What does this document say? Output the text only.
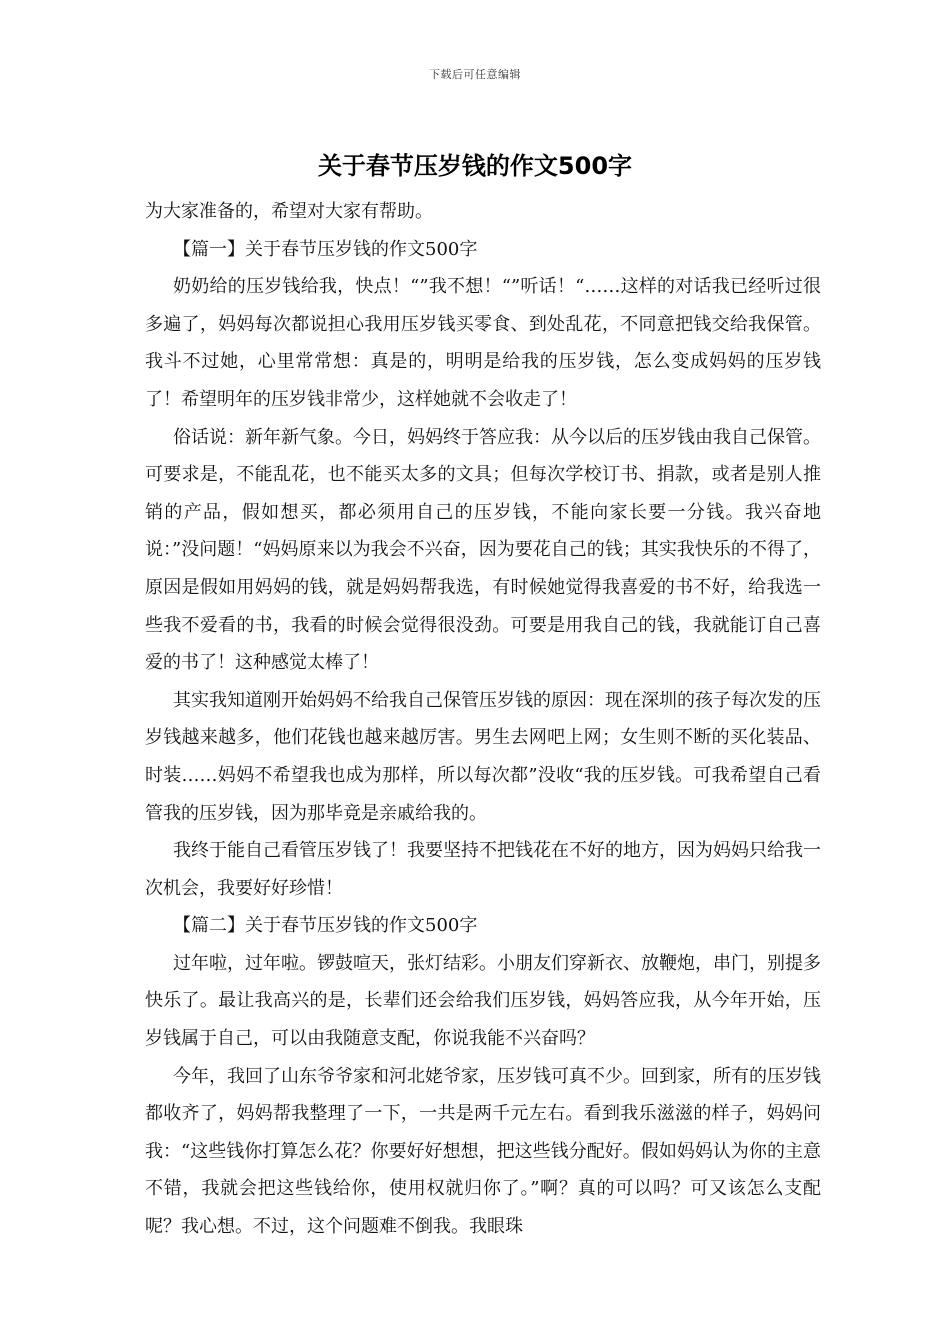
下载后可任意编辑
关于春节压岁钱的作文500字

为大家准备的，希望对大家有帮助。

【篇一】关于春节压岁钱的作文500字

奶奶给的压岁钱给我，快点！“”我不想！“”听话！“……这样的对话我已经听过很多遍了，妈妈每次都说担心我用压岁钱买零食、到处乱花，不同意把钱交给我保管。我斗不过她，心里常常想：真是的，明明是给我的压岁钱，怎么变成妈妈的压岁钱了！希望明年的压岁钱非常少，这样她就不会收走了！

俗话说：新年新气象。今日，妈妈终于答应我：从今以后的压岁钱由我自己保管。可要求是，不能乱花，也不能买太多的文具；但每次学校订书、捐款，或者是别人推销的产品，假如想买，都必须用自己的压岁钱，不能向家长要一分钱。我兴奋地说：”没问题！“妈妈原来以为我会不兴奋，因为要花自己的钱；其实我快乐的不得了，原因是假如用妈妈的钱，就是妈妈帮我选，有时候她觉得我喜爱的书不好，给我选一些我不爱看的书，我看的时候会觉得很没劲。可要是用我自己的钱，我就能订自己喜爱的书了！这种感觉太棒了！

其实我知道刚开始妈妈不给我自己保管压岁钱的原因：现在深圳的孩子每次发的压岁钱越来越多，他们花钱也越来越厉害。男生去网吧上网；女生则不断的买化装品、时装……妈妈不希望我也成为那样，所以每次都”没收“我的压岁钱。可我希望自己看管我的压岁钱，因为那毕竟是亲戚给我的。

我终于能自己看管压岁钱了！我要坚持不把钱花在不好的地方，因为妈妈只给我一次机会，我要好好珍惜！

【篇二】关于春节压岁钱的作文500字

过年啦，过年啦。锣鼓喧天，张灯结彩。小朋友们穿新衣、放鞭炮，串门，别提多快乐了。最让我高兴的是，长辈们还会给我们压岁钱，妈妈答应我，从今年开始，压岁钱属于自己，可以由我随意支配，你说我能不兴奋吗？

今年，我回了山东爷爷家和河北姥爷家，压岁钱可真不少。回到家，所有的压岁钱都收齐了，妈妈帮我整理了一下，一共是两千元左右。看到我乐滋滋的样子，妈妈问我：“这些钱你打算怎么花？你要好好想想，把这些钱分配好。假如妈妈认为你的主意不错，我就会把这些钱给你，使用权就归你了。”啊？真的可以吗？可又该怎么支配呢？我心想。不过，这个问题难不倒我。我眼珠
